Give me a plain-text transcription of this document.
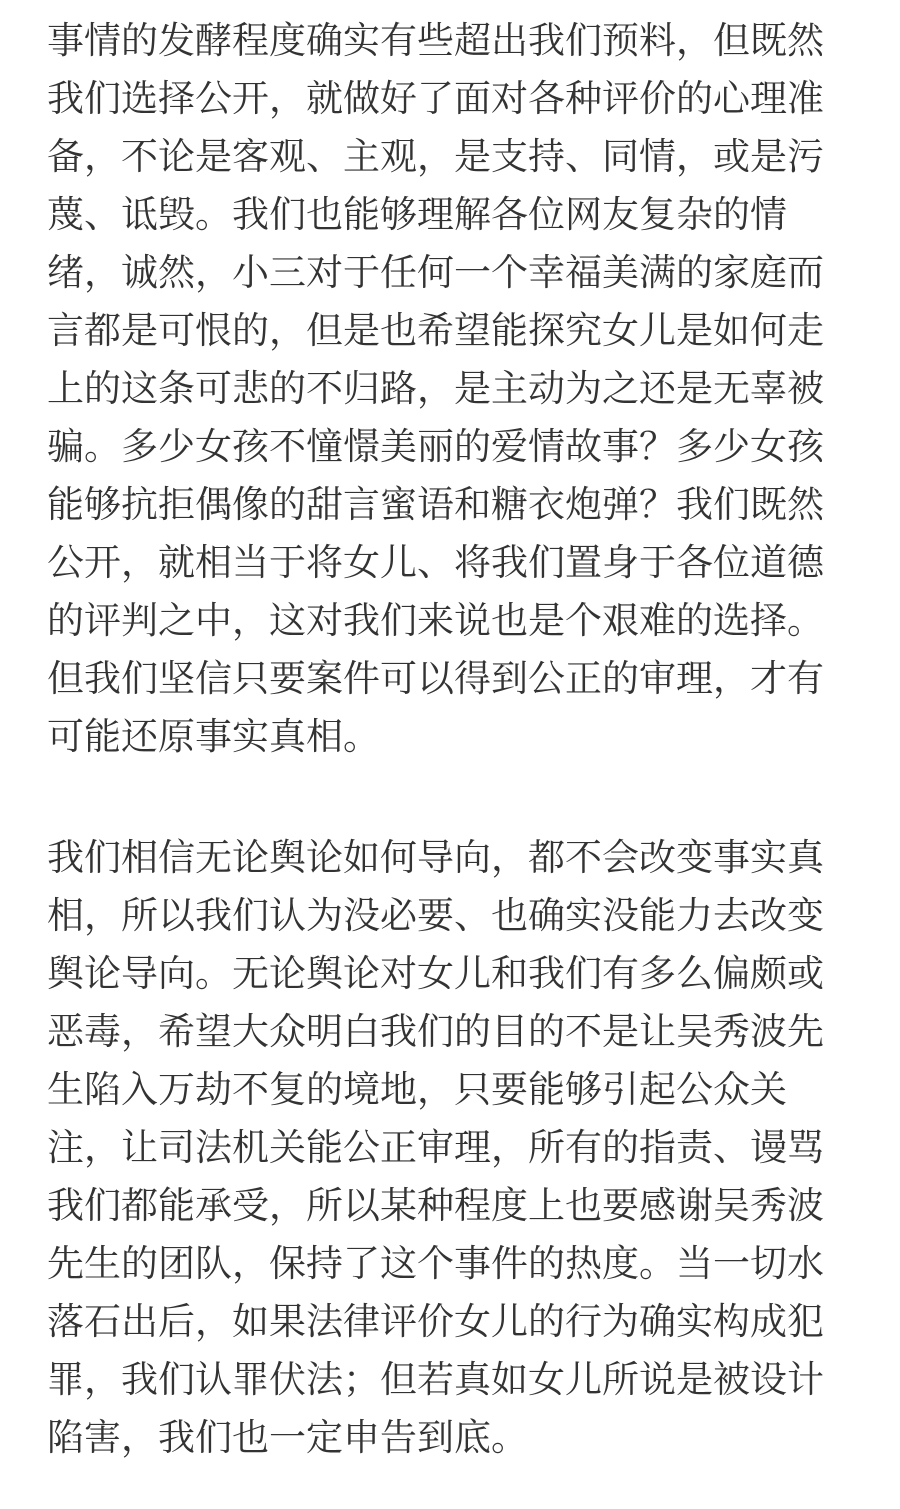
事情的发酵程度确实有些超出我们预料，但既然
我们选择公开，就做好了面对各种评价的心理准
备，不论是客观、主观，是支持、同情，或是污
蔑、诋毁。我们也能够理解各位网友复杂的情
绪，诚然，小三对于任何一个幸福美满的家庭而
言都是可恨的，但是也希望能探究女儿是如何走
上的这条可悲的不归路，是主动为之还是无辜被
骗。多少女孩不憧憬美丽的爱情故事？多少女孩
能够抗拒偶像的甜言蜜语和糖衣炮弹？我们既然
公开，就相当于将女儿、将我们置身于各位道德
的评判之中，这对我们来说也是个艰难的选择。
但我们坚信只要案件可以得到公正的审理，才有
可能还原事实真相。
我们相信无论舆论如何导向，都不会改变事实真
相，所以我们认为没必要、也确实没能力去改变
舆论导向。无论舆论对女儿和我们有多么偏颇或
恶毒，希望大众明白我们的目的不是让吴秀波先
生陷入万劫不复的境地，只要能够引起公众关
注，让司法机关能公正审理，所有的指责、谩骂
我们都能承受，所以某种程度上也要感谢吴秀波
先生的团队，保持了这个事件的热度。当一切水
落石出后，如果法律评价女儿的行为确实构成犯
罪，我们认罪伏法；但若真如女儿所说是被设计
陷害，我们也一定申告到底。
